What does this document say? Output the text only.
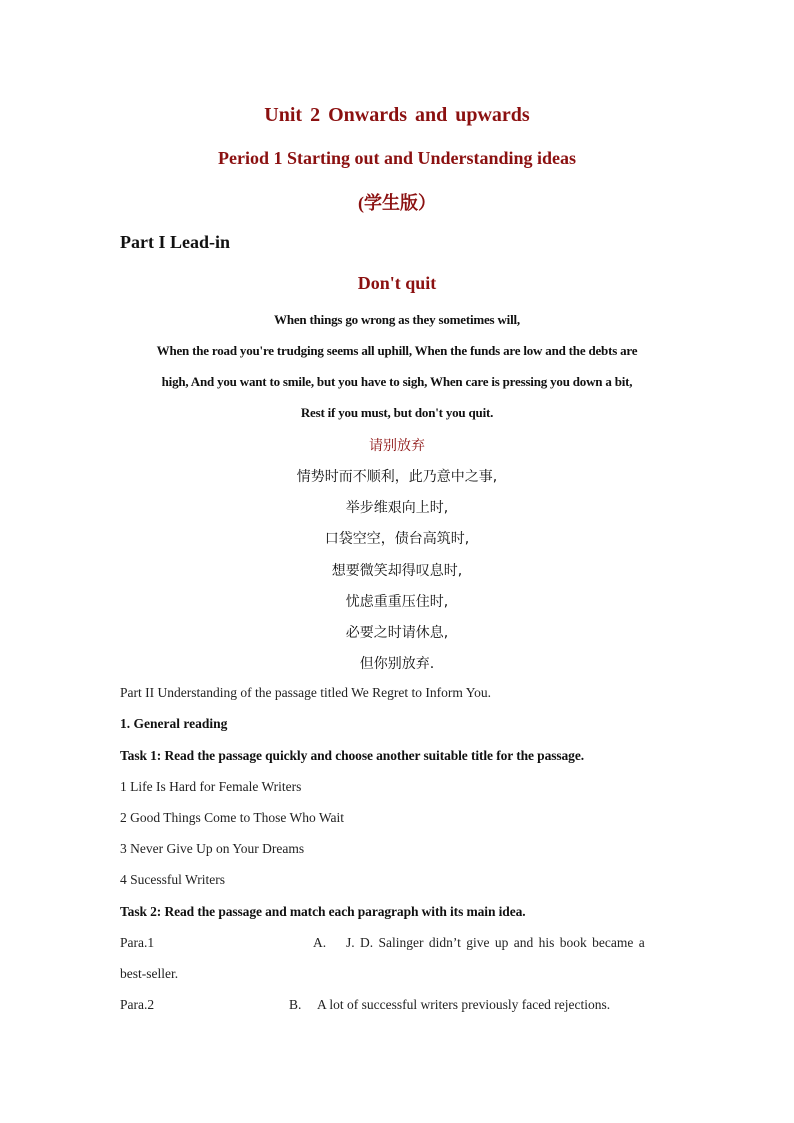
Unit 2 Onwards and upwards
Period 1 Starting out and Understanding ideas
(学生版）
Part I Lead-in
Don't quit
When things go wrong as they sometimes will,
When the road you're trudging seems all uphill, When the funds are low and the debts are
high, And you want to smile, but you have to sigh, When care is pressing you down a bit,
Rest if you must, but don't you quit.
请别放弃
情势时而不顺利，此乃意中之事,
举步维艰向上时,
口袋空空，债台高筑时,
想要微笑却得叹息时,
忧虑重重压住时,
必要之时请休息,
但你别放弃.
Part II Understanding of the passage titled We Regret to Inform You.
1. General reading
Task 1: Read the passage quickly and choose another suitable title for the passage.
1 Life Is Hard for Female Writers
2 Good Things Come to Those Who Wait
3 Never Give Up on Your Dreams
4 Sucessful Writers
Task 2: Read the passage and match each paragraph with its main idea.
Para.1	A. J. D. Salinger didn’t give up and his book became a
best-seller.
Para.2	B. A lot of successful writers previously faced rejections.
